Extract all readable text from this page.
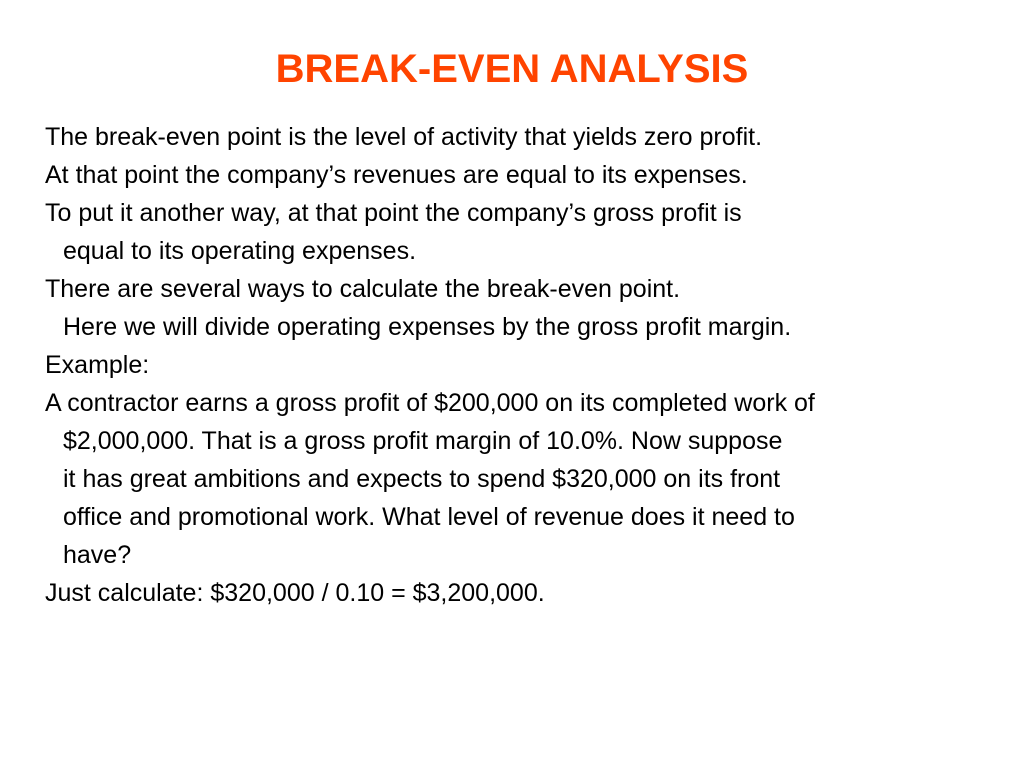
BREAK-EVEN ANALYSIS

The break-even point is the level of activity that yields zero profit.

At that point the company’s revenues are equal to its expenses.

To put it another way, at that point the company’s gross profit is
equal to its operating expenses.

There are several ways to calculate the break-even point.
Here we will divide operating expenses by the gross profit margin.

Example:

A contractor earns a gross profit of $200,000 on its completed work of
$2,000,000. That is a gross profit margin of 10.0%. Now suppose
it has great ambitions and expects to spend $320,000 on its front
office and promotional work. What level of revenue does it need to
have?

Just calculate: $320,000 / 0.10 = $3,200,000.
